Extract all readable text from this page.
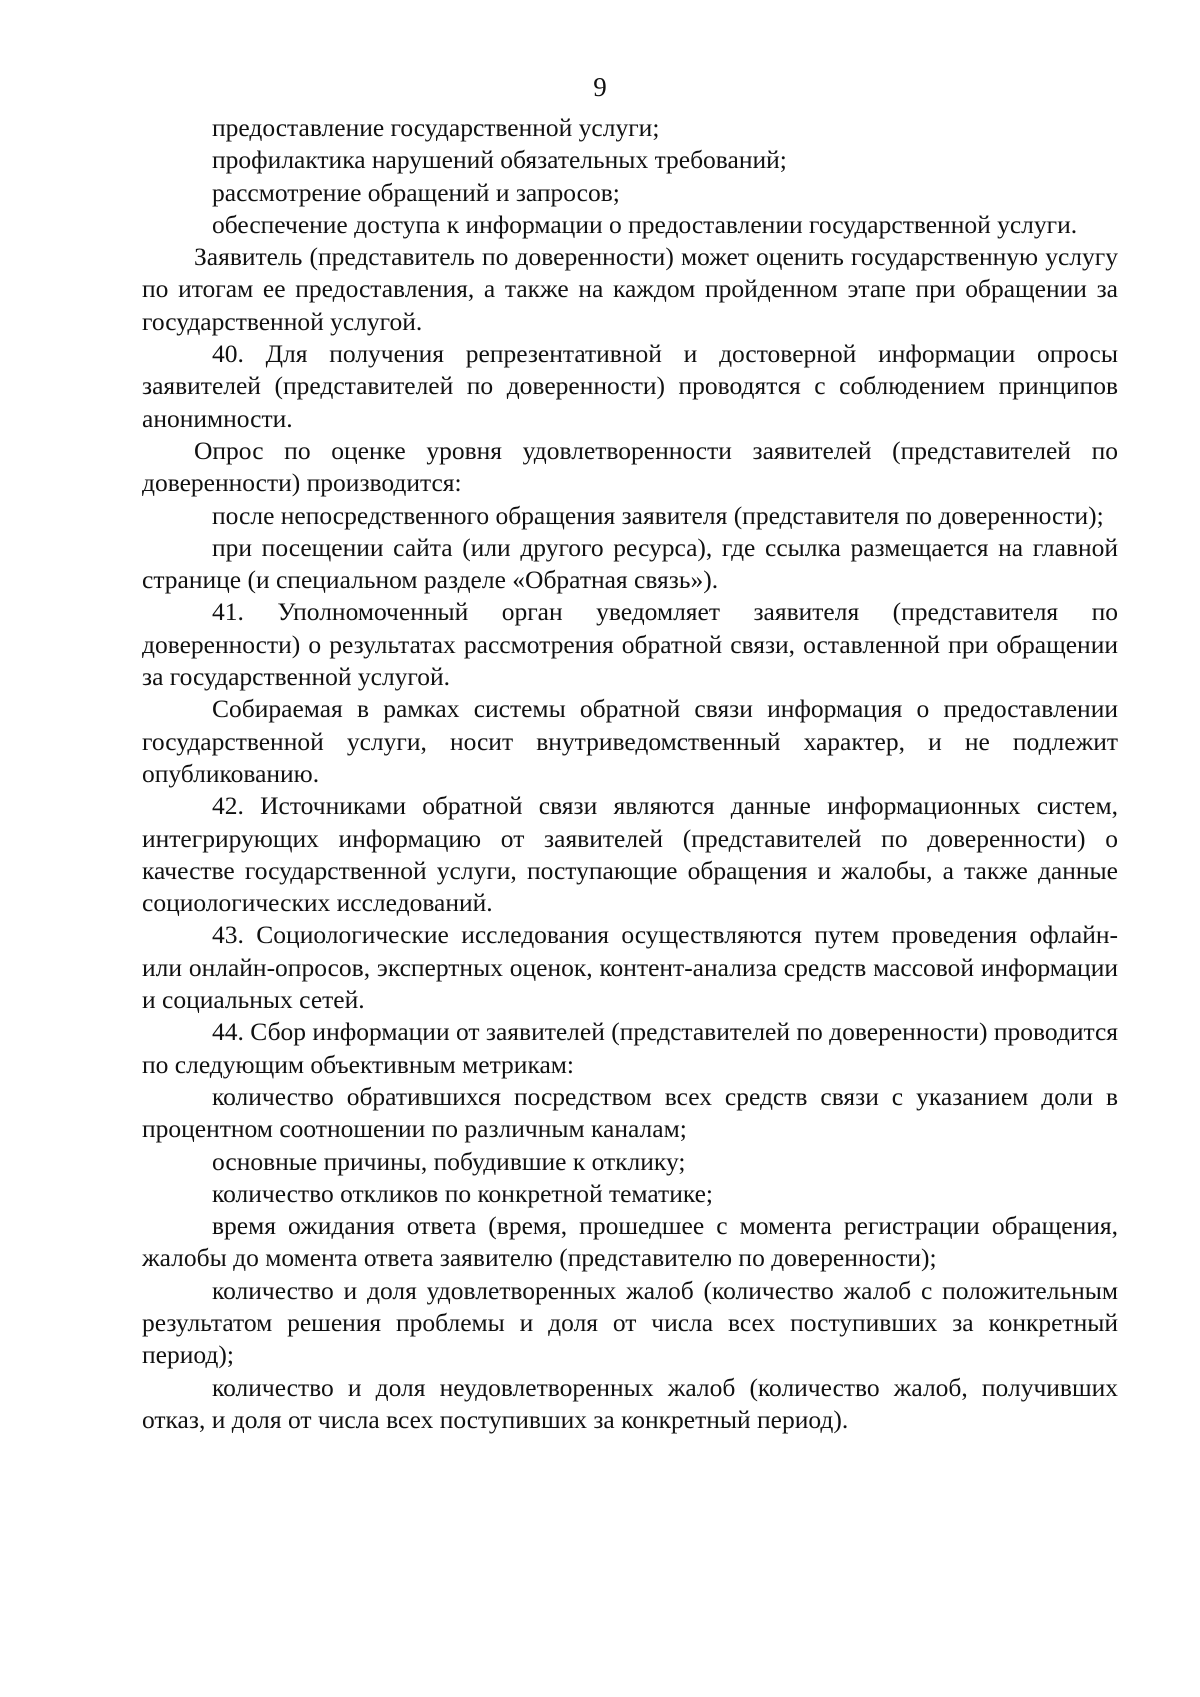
9

предоставление государственной услуги;

профилактика нарушений обязательных требований;

рассмотрение обращений и запросов;

обеспечение доступа к информации о предоставлении государственной услуги.

Заявитель (представитель по доверенности) может оценить государственную услугу по итогам ее предоставления, а также на каждом пройденном этапе при обращении за государственной услугой.

40. Для получения репрезентативной и достоверной информации опросы заявителей (представителей по доверенности) проводятся с соблюдением принципов анонимности.

Опрос по оценке уровня удовлетворенности заявителей (представителей по доверенности) производится:

после непосредственного обращения заявителя (представителя по доверенности);

при посещении сайта (или другого ресурса), где ссылка размещается на главной странице (и специальном разделе «Обратная связь»).

41. Уполномоченный орган уведомляет заявителя (представителя по доверенности) о результатах рассмотрения обратной связи, оставленной при обращении за государственной услугой.

Собираемая в рамках системы обратной связи информация о предоставлении государственной услуги, носит внутриведомственный характер, и не подлежит опубликованию.

42. Источниками обратной связи являются данные информационных систем, интегрирующих информацию от заявителей (представителей по доверенности) о качестве государственной услуги, поступающие обращения и жалобы, а также данные социологических исследований.

43. Социологические исследования осуществляются путем проведения офлайн- или онлайн-опросов, экспертных оценок, контент-анализа средств массовой информации и социальных сетей.

44. Сбор информации от заявителей (представителей по доверенности) проводится по следующим объективным метрикам:

количество обратившихся посредством всех средств связи с указанием доли в процентном соотношении по различным каналам;

основные причины, побудившие к отклику;

количество откликов по конкретной тематике;

время ожидания ответа (время, прошедшее с момента регистрации обращения, жалобы до момента ответа заявителю (представителю по доверенности);

количество и доля удовлетворенных жалоб (количество жалоб с положительным результатом решения проблемы и доля от числа всех поступивших за конкретный период);

количество и доля неудовлетворенных жалоб (количество жалоб, получивших отказ, и доля от числа всех поступивших за конкретный период).
